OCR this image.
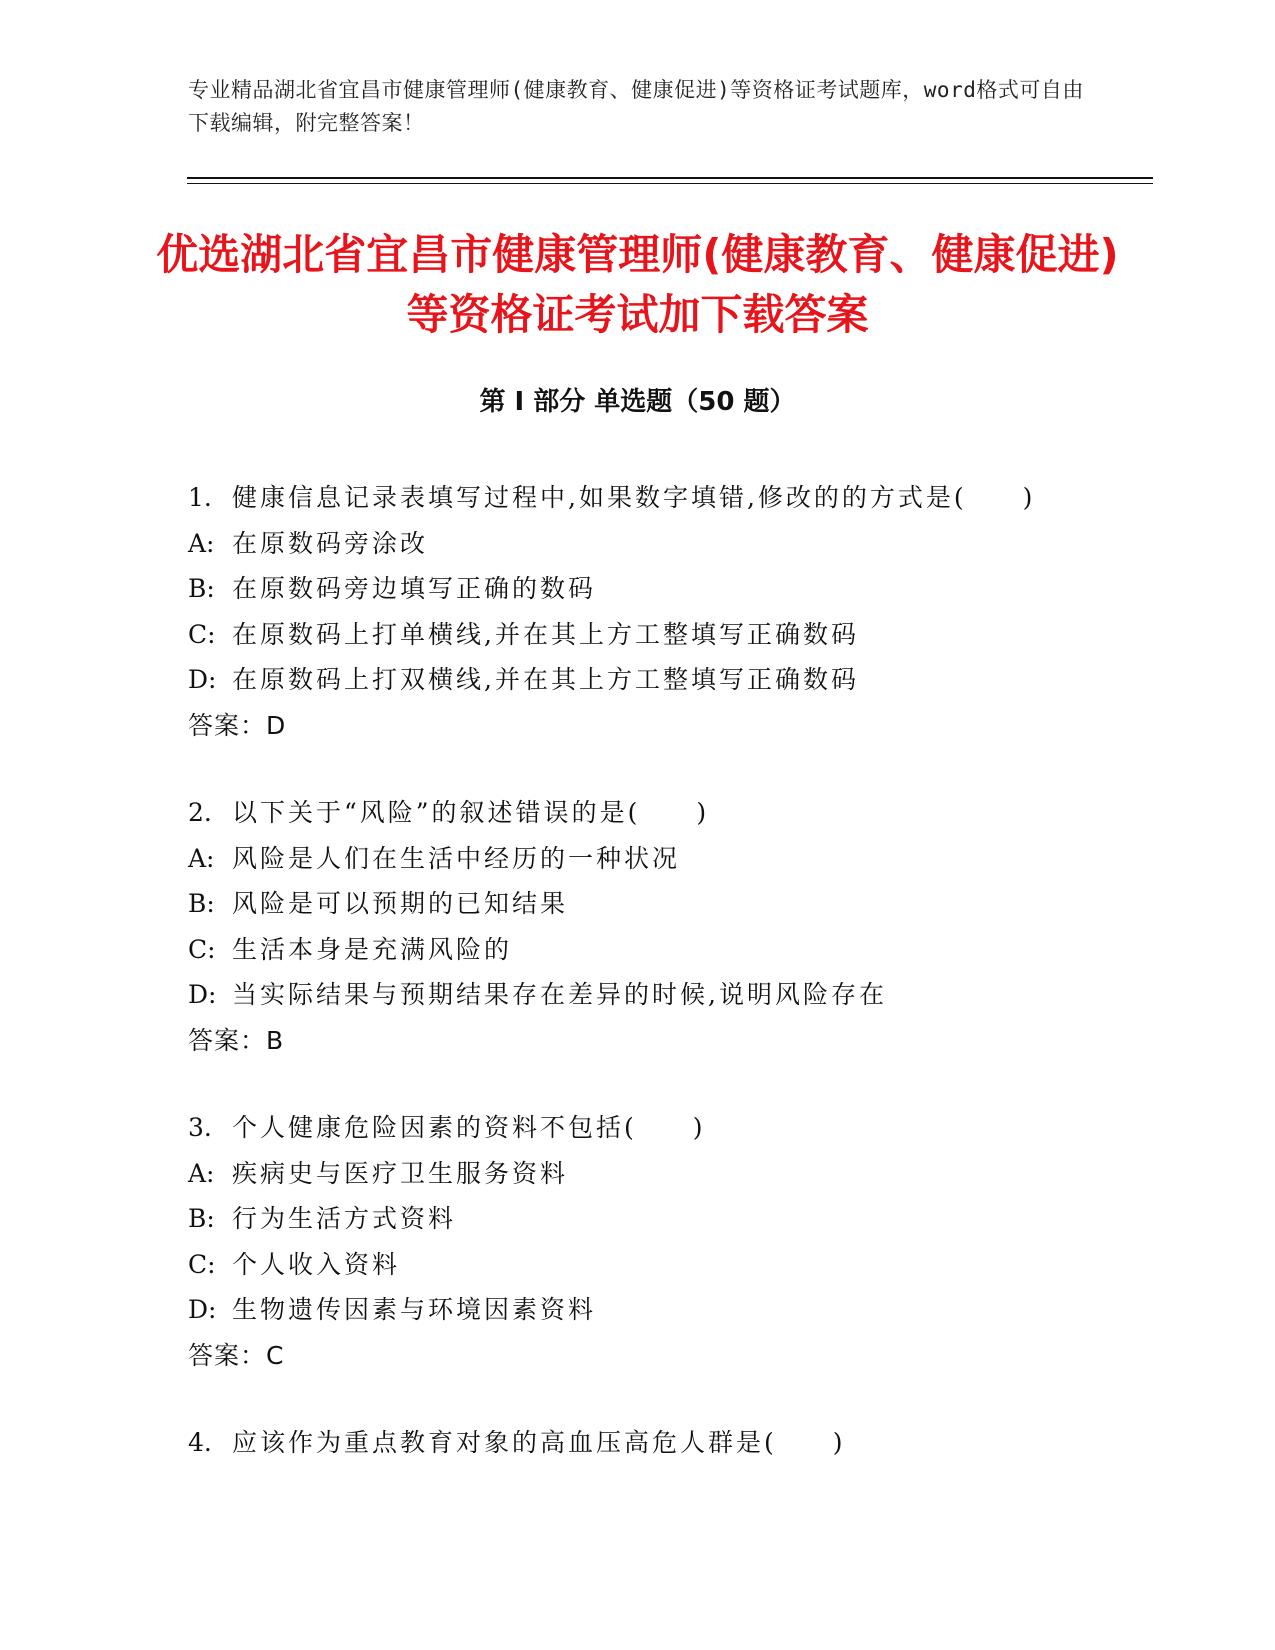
专业精品湖北省宜昌市健康管理师(健康教育、健康促进)等资格证考试题库，word格式可自由下载编辑，附完整答案！
优选湖北省宜昌市健康管理师(健康教育、健康促进)等资格证考试加下载答案
第 I 部分 单选题（50 题）
1. 健康信息记录表填写过程中,如果数字填错,修改的的方式是(　　)
A: 在原数码旁涂改
B: 在原数码旁边填写正确的数码
C: 在原数码上打单横线,并在其上方工整填写正确数码
D: 在原数码上打双横线,并在其上方工整填写正确数码
答案：D
2. 以下关于“风险”的叙述错误的是(　　)
A: 风险是人们在生活中经历的一种状况
B: 风险是可以预期的已知结果
C: 生活本身是充满风险的
D: 当实际结果与预期结果存在差异的时候,说明风险存在
答案：B
3. 个人健康危险因素的资料不包括(　　)
A: 疾病史与医疗卫生服务资料
B: 行为生活方式资料
C: 个人收入资料
D: 生物遗传因素与环境因素资料
答案：C
4. 应该作为重点教育对象的高血压高危人群是(　　)
